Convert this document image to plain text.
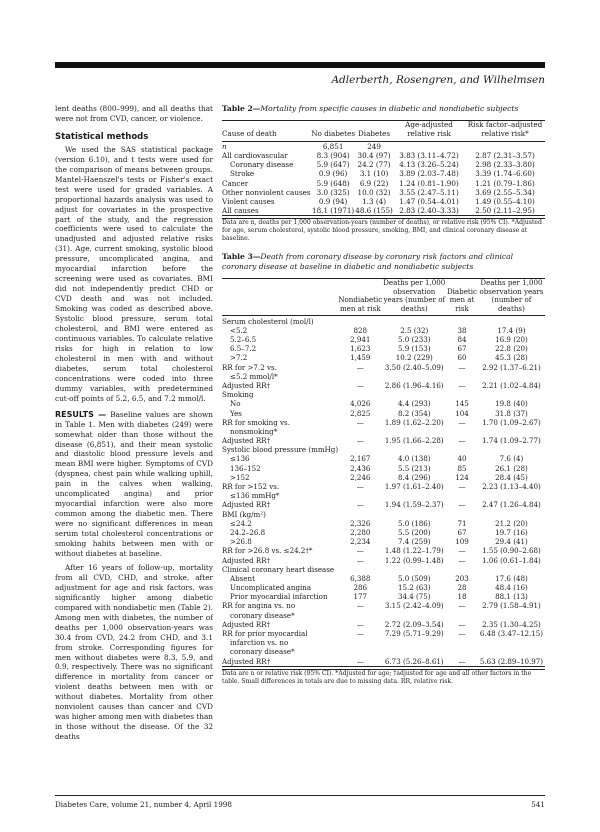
Adlerberth, Rosengren, and Wilhelmsen

lent deaths (800–999), and all deaths that were not from CVD, cancer, or violence.

Statistical methods

We used the SAS statistical package (version 6.10), and t tests were used for the comparison of means between groups. Mantel-Haenszel's tests or Fisher's exact test were used for graded variables. A proportional hazards analysis was used to adjust for covariates in the prospective part of the study, and the regression coefficients were used to calculate the unadjusted and adjusted relative risks (31). Age, current smoking, systolic blood pressure, uncomplicated angina, and myocardial infarction before the screening were used as covariates. BMI did not independently predict CHD or CVD death and was not included. Smoking was coded as described above. Systolic blood pressure, serum total cholesterol, and BMI were entered as continuous variables. To calculate relative risks for high in relation to low cholesterol in men with and without diabetes, serum total cholesterol concentrations were coded into three dummy variables, with predetermined cut-off points of 5.2, 6.5, and 7.2 mmol/l.

RESULTS — Baseline values are shown in Table 1. Men with diabetes (249) were somewhat older than those without the disease (6,851), and their mean systolic and diastolic blood pressure levels and mean BMI were higher. Symptoms of CVD (dyspnea, chest pain while walking uphill, pain in the calves when walking, uncomplicated angina) and prior myocardial infarction were also more common among the diabetic men. There were no significant differences in mean serum total cholesterol concentrations or smoking habits between men with or without diabetes at baseline.

After 16 years of follow-up, mortality from all CVD, CHD, and stroke, after adjustment for age and risk factors, was significantly higher among diabetic compared with nondiabetic men (Table 2). Among men with diabetes, the number of deaths per 1,000 observation-years was 30.4 from CVD, 24.2 from CHD, and 3.1 from stroke. Corresponding figures for men without diabetes were 8.3, 5.9, and 0.9, respectively. There was no significant difference in mortality from cancer or violent deaths between men with or without diabetes. Mortality from other nonviolent causes than cancer and CVD was higher among men with diabetes than in those without the disease. Of the 32 deaths

Table 2—Mortality from specific causes in diabetic and nondiabetic subjects
Cause of death	No diabetes	Diabetes	Age-adjusted relative risk	Risk factor–adjusted relative risk*
n	6,851	249		
All cardiovascular	8.3 (904)	30.4 (97)	3.83 (3.11–4.72)	2.87 (2.31–3.57)
Coronary disease	5.9 (647)	24.2 (77)	4.13 (3.26–5.24)	2.98 (2.33–3.80)
Stroke	0.9 (96)	3.1 (10)	3.89 (2.03–7.48)	3.39 (1.74–6.60)
Cancer	5.9 (648)	6.9 (22)	1.24 (0.81–1.90)	1.21 (0.79–1.86)
Other nonviolent causes	3.0 (325)	10.0 (32)	3.55 (2.47–5.11)	3.69 (2.55–5.34)
Violent causes	0.9 (94)	1.3 (4)	1.47 (0.54–4.01)	1.49 (0.55–4.10)
All causes	18.1 (1971)	48.6 (155)	2.83 (2.40–3.33)	2.50 (2.11–2.95)
Data are n, deaths per 1,000 observation-years (number of deaths), or relative risk (95% CI). *Adjusted for age, serum cholesterol, systolic blood pressure, smoking, BMI, and clinical coronary disease at baseline.
Table 3—Death from coronary disease by coronary risk factors and clinical coronary disease at baseline in diabetic and nondiabetic subjects
	Nondiabetic men at risk	Deaths per 1,000 observation years (number of deaths)	Diabetic men at risk	Deaths per 1,000 observation years (number of deaths)
Serum cholesterol (mol/l)				
<5.2	828	2.5 (32)	38	17.4 (9)
5.2–6.5	2,941	5.0 (233)	84	16.9 (20)
6.5–7.2	1,623	5.9 (153)	67	22.8 (20)
>7.2	1,459	10.2 (229)	60	45.3 (28)
RR for >7.2 vs.	—	3.50 (2.40–5.09)	—	2.92 (1.37–6.21)
≤5.2 mmol/l*				
Adjusted RR†	—	2.86 (1.96–4.16)	—	2.21 (1.02–4.84)
Smoking				
No	4,026	4.4 (293)	145	19.8 (40)
Yes	2,825	8.2 (354)	104	31.8 (37)
RR for smoking vs.	—	1.89 (1.62–2.20)	—	1.70 (1.09–2.67)
nonsmoking*				
Adjusted RR†	—	1.95 (1.66–2.28)	—	1.74 (1.09–2.77)
Systolic blood pressure (mmHg)				
≤136	2,167	4.0 (138)	40	7.6 (4)
136–152	2,436	5.5 (213)	85	26.1 (28)
>152	2,246	8.4 (296)	124	28.4 (45)
RR for >152 vs.	—	1.97 (1.61–2.40)	—	2.23 (1.13–4.40)
≤136 mmHg*				
Adjusted RR†	—	1.94 (1.59–2.37)	—	2.47 (1.26–4.84)
BMI (kg/m²)				
≤24.2	2,326	5.0 (186)	71	21.2 (20)
24.2–26.8	2,280	5.5 (200)	67	19.7 (16)
>26.8	2,234	7.4 (259)	109	29.4 (41)
RR for >26.8 vs. ≤24.2†*	—	1.48 (1.22–1.79)	—	1.55 (0.90–2.68)
Adjusted RR†	—	1.22 (0.99–1.48)	—	1.06 (0.61–1.84)
Clinical coronary heart disease				
Absent	6,388	5.0 (509)	203	17.6 (48)
Uncomplicated angina	286	15.2 (63)	28	48.4 (16)
Prior myocardial infarction	177	34.4 (75)	18	88.1 (13)
RR for angina vs. no	—	3.15 (2.42–4.09)	—	2.79 (1.58–4.91)
coronary disease*				
Adjusted RR†	—	2.72 (2.09–3.54)	—	2.35 (1.30–4.25)
RR for prior myocardial	—	7.29 (5.71–9.29)	—	6.48 (3.47–12.15)
infarction vs. no				
coronary disease*				
Adjusted RR†	—	6.73 (5.26–8.61)	—	5.63 (2.89–10.97)
Data are n or relative risk (95% CI). *Adjusted for age; †adjusted for age and all other factors in the table. Small differences in totals are due to missing data. RR, relative risk.
Diabetes Care, volume 21, number 4, April 1998	541
